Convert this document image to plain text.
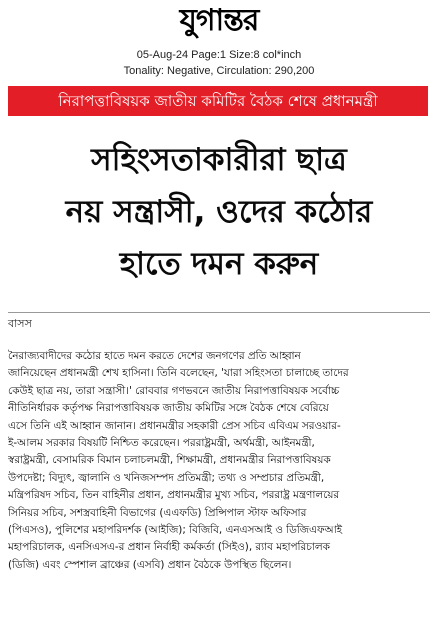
যুগান্তর
05-Aug-24 Page:1 Size:8 col*inch
Tonality: Negative, Circulation: 290,200
নিরাপত্তাবিষয়ক জাতীয় কমিটির বৈঠক শেষে প্রধানমন্ত্রী
সহিংসতাকারীরা ছাত্র
নয় সন্ত্রাসী, ওদের কঠোর
হাতে দমন করুন
বাসস
নৈরাজ্যবাদীদের কঠোর হাতে দমন করতে দেশের জনগণের প্রতি আহ্বান
জানিয়েছেন প্রধানমন্ত্রী শেখ হাসিনা। তিনি বলেছেন, 'যারা সহিংসতা চালাচ্ছে তাদের
কেউই ছাত্র নয়, তারা সন্ত্রাসী।' রোববার গণভবনে জাতীয় নিরাপত্তাবিষয়ক সর্বোচ্চ
নীতিনির্ধারক কর্তৃপক্ষ নিরাপত্তাবিষয়ক জাতীয় কমিটির সঙ্গে বৈঠক শেষে বেরিয়ে
এসে তিনি এই আহ্বান জানান। প্রধানমন্ত্রীর সহকারী প্রেস সচিব এবিএম সরওয়ার-
ই-আলম সরকার বিষয়টি নিশ্চিত করেছেন। পররাষ্ট্রমন্ত্রী, অর্থমন্ত্রী, আইনমন্ত্রী,
স্বরাষ্ট্রমন্ত্রী, বেসামরিক বিমান চলাচলমন্ত্রী, শিক্ষামন্ত্রী, প্রধানমন্ত্রীর নিরাপত্তাবিষয়ক
উপদেষ্টা; বিদ্যুৎ, জ্বালানি ও খনিজসম্পদ প্রতিমন্ত্রী; তথ্য ও সম্প্রচার প্রতিমন্ত্রী,
মন্ত্রিপরিষদ সচিব, তিন বাহিনীর প্রধান, প্রধানমন্ত্রীর মুখ্য সচিব, পররাষ্ট্র মন্ত্রণালয়ের
সিনিয়র সচিব, সশস্ত্রবাহিনী বিভাগের (এএফডি) প্রিন্সিপাল স্টাফ অফিসার
(পিএসও), পুলিশের মহাপরিদর্শক (আইজি); বিজিবি, এনএসআই ও ডিজিএফআই
মহাপরিচালক, এনসিএসএ-র প্রধান নির্বাহী কর্মকর্তা (সিইও), র‌্যাব মহাপরিচালক
(ডিজি) এবং স্পেশাল ব্রাঞ্চের (এসবি) প্রধান বৈঠকে উপস্থিত ছিলেন।
